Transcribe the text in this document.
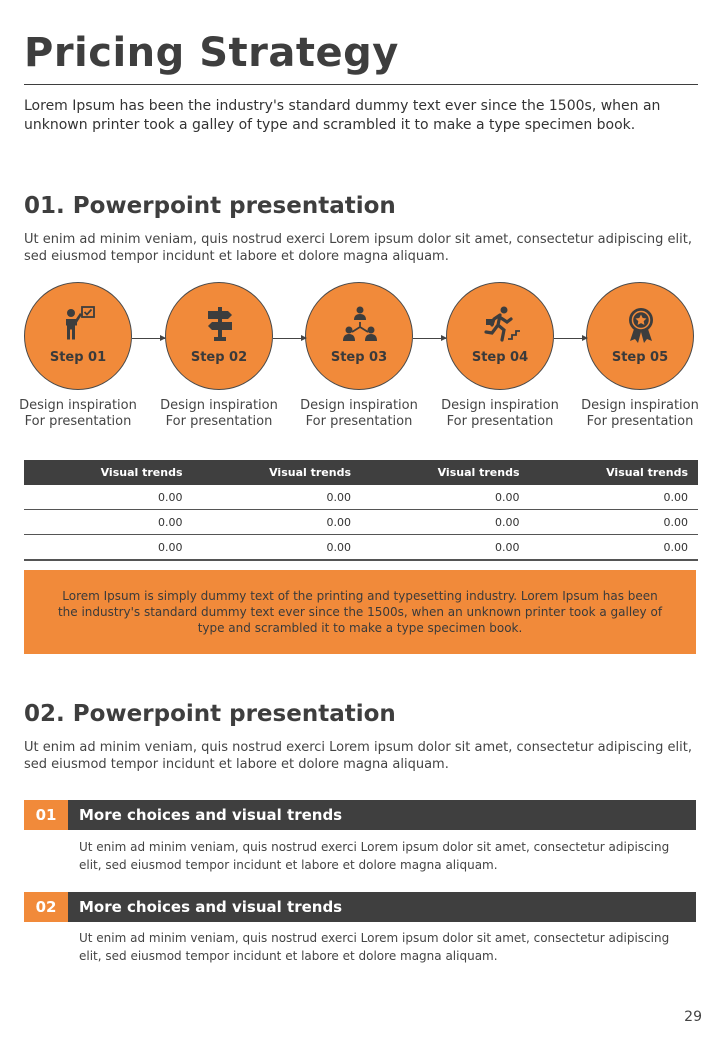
Pricing Strategy

Lorem Ipsum has been the industry's standard dummy text ever since the 1500s, when an unknown printer took a galley of type and scrambled it to make a type specimen book.

01. Powerpoint presentation

Ut enim ad minim veniam, quis nostrud exerci Lorem ipsum dolor sit amet, consectetur adipiscing elit, sed eiusmod tempor incidunt et labore et dolore magna aliquam.

Step 01
Design inspiration
For presentation
Step 02
Design inspiration
For presentation
Step 03
Design inspiration
For presentation
Step 04
Design inspiration
For presentation
Step 05
Design inspiration
For presentation
Visual trends	Visual trends	Visual trends	Visual trends
0.00	0.00	0.00	0.00
0.00	0.00	0.00	0.00
0.00	0.00	0.00	0.00
Lorem Ipsum is simply dummy text of the printing and typesetting industry. Lorem Ipsum has been the industry's standard dummy text ever since the 1500s, when an unknown printer took a galley of type and scrambled it to make a type specimen book.
02. Powerpoint presentation

Ut enim ad minim veniam, quis nostrud exerci Lorem ipsum dolor sit amet, consectetur adipiscing elit, sed eiusmod tempor incidunt et labore et dolore magna aliquam.

01	More choices and visual trends

Ut enim ad minim veniam, quis nostrud exerci Lorem ipsum dolor sit amet, consectetur adipiscing elit, sed eiusmod tempor incidunt et labore et dolore magna aliquam.

02	More choices and visual trends

Ut enim ad minim veniam, quis nostrud exerci Lorem ipsum dolor sit amet, consectetur adipiscing elit, sed eiusmod tempor incidunt et labore et dolore magna aliquam.

29
